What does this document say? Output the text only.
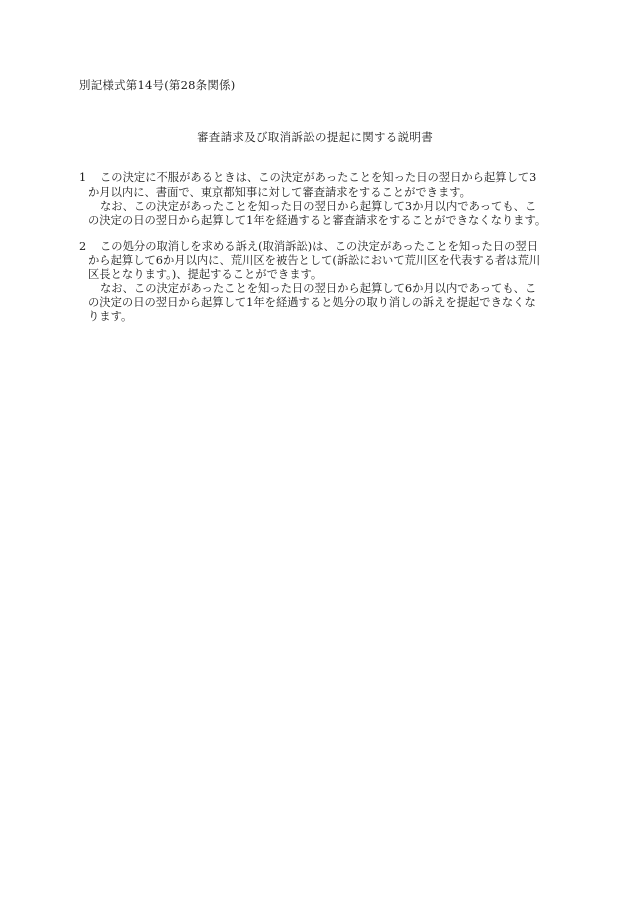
別記様式第14号(第28条関係)
審査請求及び取消訴訟の提起に関する説明書
1 この決定に不服があるときは、この決定があったことを知った日の翌日から起算して3
か月以内に、書面で、東京都知事に対して審査請求をすることができます。
なお、この決定があったことを知った日の翌日から起算して3か月以内であっても、こ
の決定の日の翌日から起算して1年を経過すると審査請求をすることができなくなります。
2 この処分の取消しを求める訴え(取消訴訟)は、この決定があったことを知った日の翌日
から起算して6か月以内に、荒川区を被告として(訴訟において荒川区を代表する者は荒川
区長となります。)、提起することができます。
なお、この決定があったことを知った日の翌日から起算して6か月以内であっても、こ
の決定の日の翌日から起算して1年を経過すると処分の取り消しの訴えを提起できなくな
ります。
